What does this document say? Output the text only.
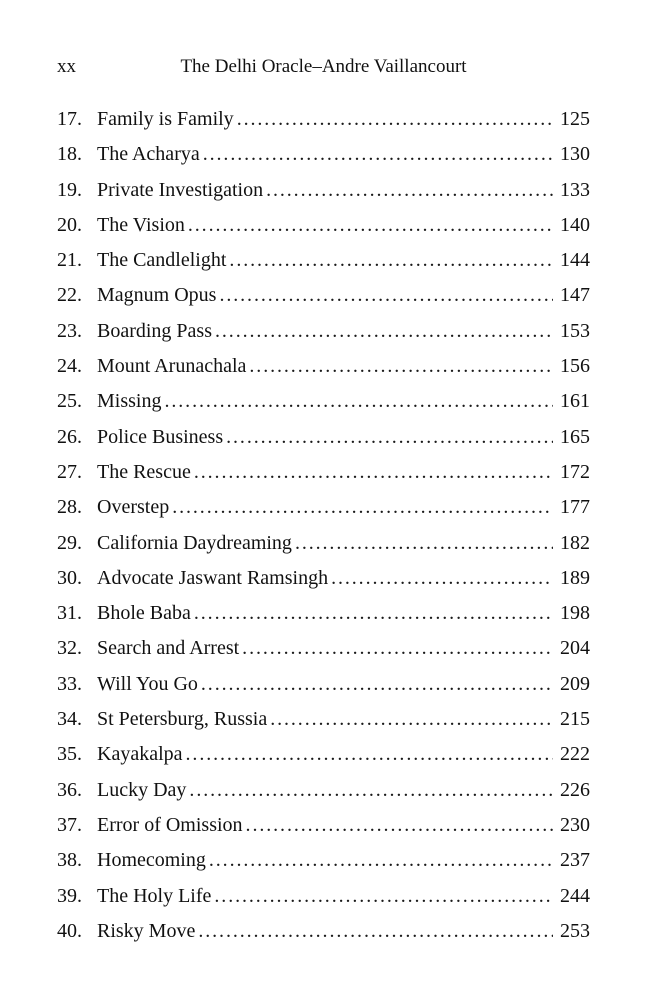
xx	The Delhi Oracle–Andre Vaillancourt
17. Family is Family .....	125
18. The Acharya .....	130
19. Private Investigation .....	133
20. The Vision .....	140
21. The Candlelight .....	144
22. Magnum Opus .....	147
23. Boarding Pass .....	153
24. Mount Arunachala .....	156
25. Missing .....	161
26. Police Business .....	165
27. The Rescue .....	172
28. Overstep .....	177
29. California Daydreaming .....	182
30. Advocate Jaswant Ramsingh .....	189
31. Bhole Baba .....	198
32. Search and Arrest .....	204
33. Will You Go .....	209
34. St Petersburg, Russia .....	215
35. Kayakalpa .....	222
36. Lucky Day .....	226
37. Error of Omission .....	230
38. Homecoming .....	237
39. The Holy Life .....	244
40. Risky Move .....	253
